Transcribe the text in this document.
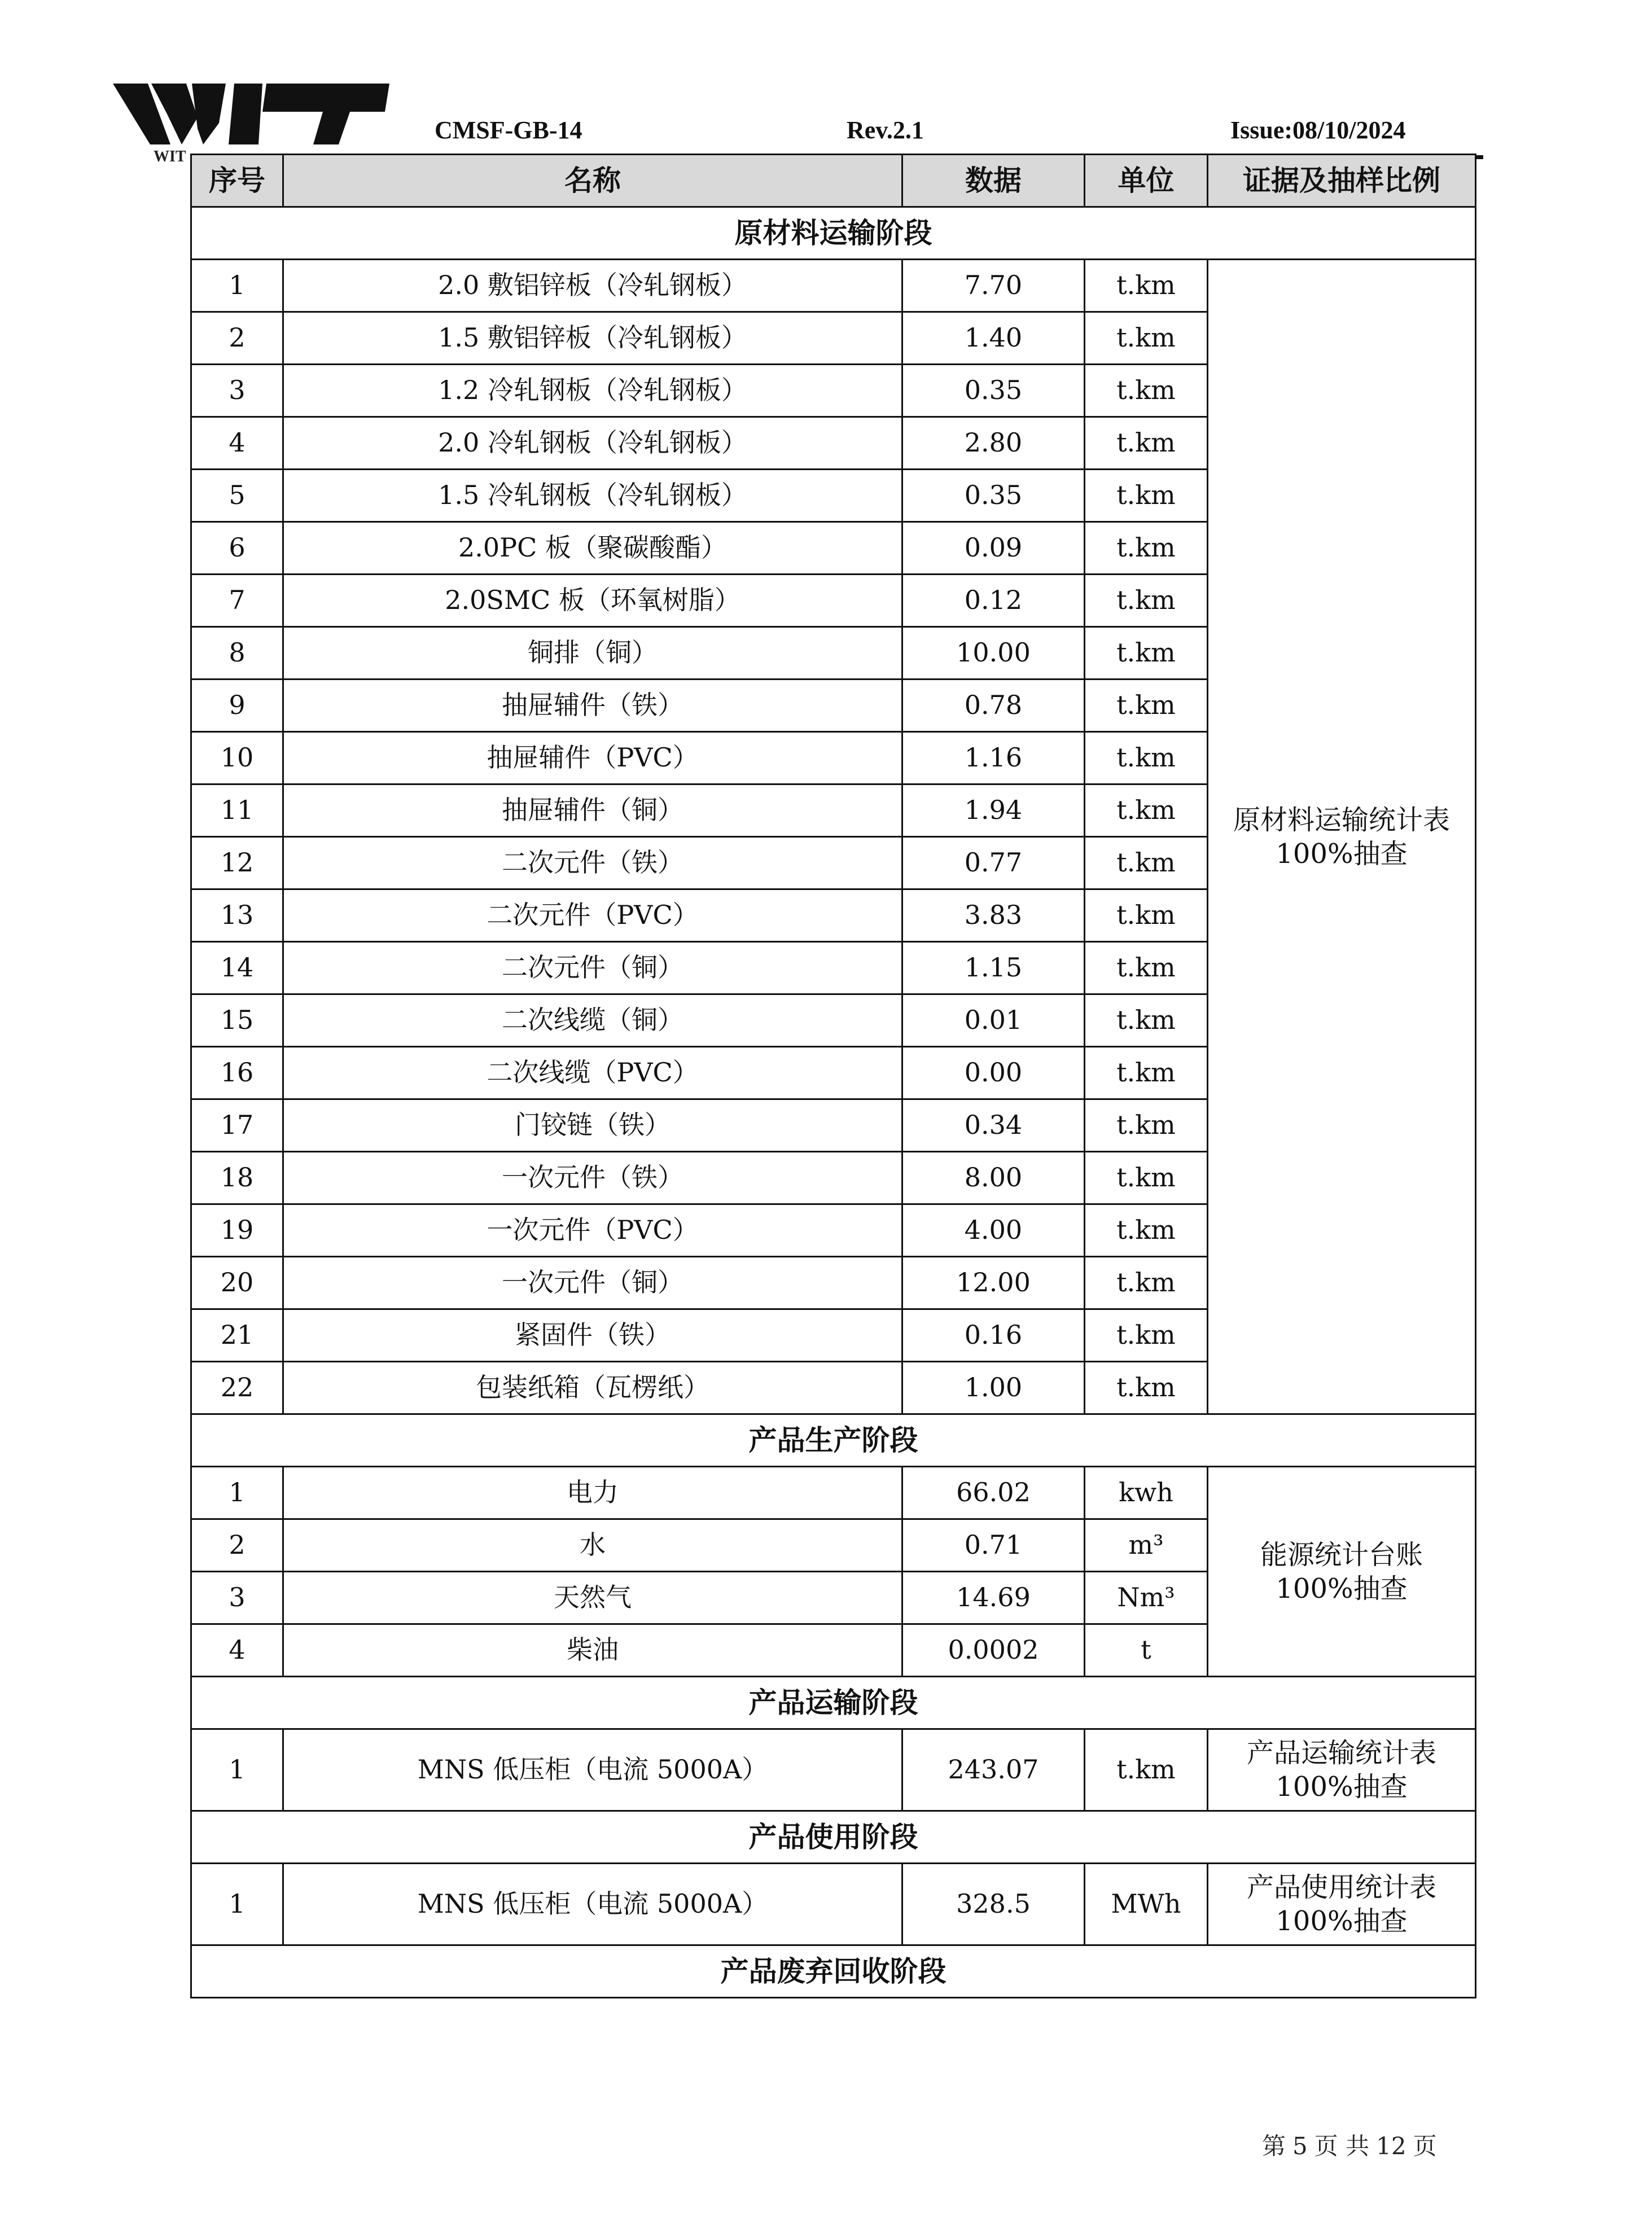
WIT
CMSF-GB-14	Rev.2.1	Issue:08/10/2024
序号	名称	数据	单位	证据及抽样比例
原材料运输阶段				
1	2.0 敷铝锌板（冷轧钢板）	7.70	t.km	原材料运输统计表
100%抽查

2	1.5 敷铝锌板（冷轧钢板）	1.40	t.km	
3	1.2 冷轧钢板（冷轧钢板）	0.35	t.km	
4	2.0 冷轧钢板（冷轧钢板）	2.80	t.km	
5	1.5 冷轧钢板（冷轧钢板）	0.35	t.km	
6	2.0PC 板（聚碳酸酯）	0.09	t.km	
7	2.0SMC 板（环氧树脂）	0.12	t.km	
8	铜排（铜）	10.00	t.km	
9	抽屉辅件（铁）	0.78	t.km	
10	抽屉辅件（PVC）	1.16	t.km	
11	抽屉辅件（铜）	1.94	t.km	
12	二次元件（铁）	0.77	t.km	
13	二次元件（PVC）	3.83	t.km	
14	二次元件（铜）	1.15	t.km	
15	二次线缆（铜）	0.01	t.km	
16	二次线缆（PVC）	0.00	t.km	
17	门铰链（铁）	0.34	t.km	
18	一次元件（铁）	8.00	t.km	
19	一次元件（PVC）	4.00	t.km	
20	一次元件（铜）	12.00	t.km	
21	紧固件（铁）	0.16	t.km	
22	包装纸箱（瓦楞纸）	1.00	t.km	
产品生产阶段				
1	电力	66.02	kwh	能源统计台账
100%抽查

2	水	0.71	m³	
3	天然气	14.69	Nm³	
4	柴油	0.0002	t	
产品运输阶段				
1	MNS 低压柜（电流 5000A）	243.07	t.km	产品运输统计表
100%抽查

产品使用阶段				
1	MNS 低压柜（电流 5000A）	328.5	MWh	产品使用统计表
100%抽查

产品废弃回收阶段				
第 5 页 共 12 页
